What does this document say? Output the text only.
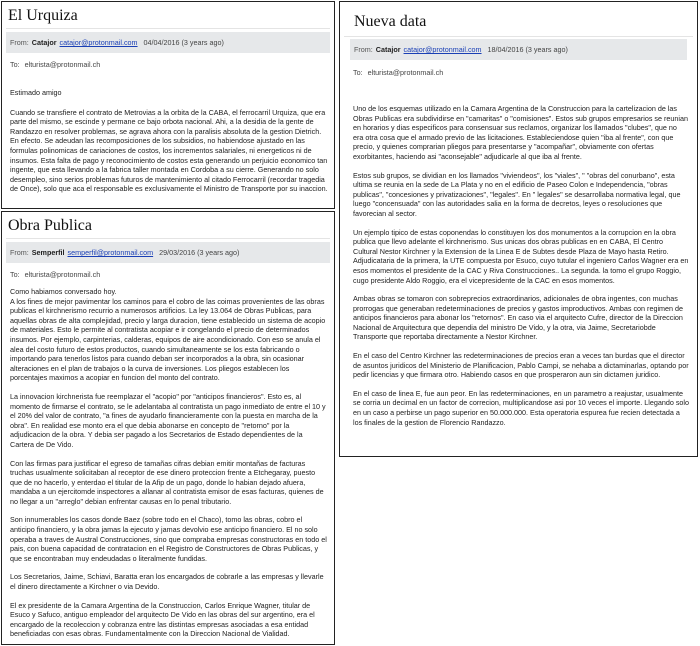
El Urquiza
From: Catajor catajor@protonmail.com 04/04/2016 (3 years ago)
To: elturista@protonmail.ch

Estimado amigo

Cuando se transfiere el contrato de Metrovias a la orbita de la CABA, el ferrocarril Urquiza, que era parte del mismo, se escinde y permane ce bajo orbota nacional. Ahi, a la desidia de la gente de Randazzo en resolver problemas, se agrava ahora con la paralisis absoluta de la gestion Dietrich. En efecto. Se adeudan las recomposiciones de los subsidios, no habiendose ajustado en las formulas polinomicas de cariaciones de costos, los incrementos salariales, ni energeticos ni de insumos. Esta falta de pago y reconocimiento de costos esta generando un perjuicio economico tan ingente, que esta llevando a la fabrica taller montada en Cordoba a su cierre. Generando no solo desempleo, sino serios problemas futuros de mantenimiento al citado Ferrocarril (recordar tragedia de Once), solo que aca el responsable es exclusivamente el Ministro de Transporte por su inaccion.

Obra Publica
From: Semperfil semperfil@protonmail.com 29/03/2016 (3 years ago)
To: elturista@protonmail.ch

Como habiamos conversado hoy.

A los fines de mejor pavimentar los caminos para el cobro de las coimas provenientes de las obras publicas el kirchnerismo recurrio a numerosos artificios. La ley 13.064 de Obras Publicas, para aquellas obras de alta complejidad, precio y larga duracion, tiene establecido un sistema de acopio de materiales. Esto le permite al contratista acopiar e ir congelando el precio de determinados insumos. Por ejemplo, carpinterias, calderas, equipos de aire acondicionado. Con eso se anula el alea del costo futuro de estos productos, cuando simultaneamente se los esta fabricando o importando para tenerlos listos para cuando deban ser incorporados a la obra, sin ocasionar alteraciones en el plan de trabajos o la curva de inversiones. Los pliegos establecen los porcentajes maximos a acopiar en funcion del monto del contrato.

La innovacion kirchnerista fue reemplazar el "acopio" por "anticipos financieros". Esto es, al momento de firmarse el contrato, se le adelantaba al contratista un pago inmediato de entre el 10 y el 20% del valor de contrato, "a fines de ayudarlo financieramente con la puesta en marcha de la obra". En realidad ese monto era el que debia abonarse en concepto de "retorno" por la adjudicacion de la obra. Y debia ser pagado a los Secretarios de Estado dependientes de la Cartera de De Vido.

Con las firmas para justificar el egreso de tamañas cifras debian emitir montañas de facturas truchas usualmente solicitaban al receptor de ese dinero proteccion frente a Etchegaray, puesto que de no hacerlo, y enterdao el titular de la Afip de un pago, donde lo habian dejado afuera, mandaba a un ejercitomde inspectores a allanar al contratista emisor de esas facturas, quienes de no llegar a un "arreglo" debian enfrentar causas en lo penal tributario.

Son innumerables los casos donde Baez (sobre todo en el Chaco), tomo las obras, cobro el anticipo financiero, y la obra jamas la ejecuto y jamas devolvio ese anticipo financiero. El no solo operaba a traves de Austral Construcciones, sino que compraba empresas constructoras en todo el pais, con buena capacidad de contratacion en el Registro de Constructores de Obras Publicas, y que se encontraban muy endeudadas o literalmente fundidas.

Los Secretarios, Jaime, Schiavi, Baratta eran los encargados de cobrarle a las empresas y llevarle el dinero directamente a Kirchner o via Devido.

El ex presidente de la Camara Argentina de la Construccion, Carlos Enrique Wagner, titular de Esuco y Safuco, antiguo empleador del arquitecto De Vido en las obras del sur argentino, era el encargado de la recoleccion y cobranza entre las distintas empresas asociadas a esa entidad beneficiadas con esas obras. Fundamentalmente con la Direccion Nacional de Vialidad.

Nueva data
From: Catajor catajor@protonmail.com 18/04/2016 (3 years ago)
To: elturista@protonmail.ch

Uno de los esquemas utilizado en la Camara Argentina de la Construccion para la cartelizacion de las Obras Publicas era subdividirse en "camaritas" o "comisiones". Estos sub grupos empresarios se reunian en horarios y dias especificos para consensuar sus reclamos, organizar los llamados "clubes", que no era otra cosa que el armado previo de las licitaciones. Estableciendose quien "iba al frente", con que precio, y quienes comprarian pliegos para presentarse y "acompañar", obviamente con ofertas exorbitantes, haciendo asi "aconsejable" adjudicarle al que iba al frente.

Estos sub grupos, se dividian en los llamados "viviendeos", los "viales", " "obras del conurbano", esta ultima se reunia en la sede de La Plata y no en el edificio de Paseo Colon e Independencia, "obras publicas", "concesiones y privatizaciones", "legales". En " legales" se desarrollaba normativa legal, que luego "concensuada" con las autoridades salia en la forma de decretos, leyes o resoluciones que favorecian al sector.

Un ejemplo tipico de estas coponendas lo constituyen los dos monumentos a la corrupcion en la obra publica que llevo adelante el kirchnerismo. Sus unicas dos obras publicas en en CABA, El Centro Cultural Nestor Kirchner y la Extension de la Linea E de Subtes desde Plaza de Mayo hasta Retiro. Adjudicataria de la primera, la UTE compuesta por Esuco, cuyo tutular el ingeniero Carlos Wagner era en esos momentos el presidente de la CAC y Riva Construcciones.. La segunda. la tomo el grupo Roggio, cugo presidente Aldo Roggio, era el vicepresidente de la CAC en esos momentos.

Ambas obras se tomaron con sobreprecios extraordinarios, adicionales de obra ingentes, con muchas prorrogas que generaban redeterminaciones de precios y gastos improductivos. Ambas con regimen de anticipos financieros para abonar los "retornos". En caso via el arquitecto Cufre, director de la Direccion Nacional de Arquitectura que dependia del ministro De Vido, y la otra, via Jaime, Secretariobde Transporte que reportaba directamente a Nestor Kirchner.

En el caso del Centro Kirchner las redeterminaciones de precios eran a veces tan burdas que el director de asuntos juridicos del Ministerio de Planificacion, Pablo Campi, se nehaba a dictaminarlas, optando por pedir licencias y que firmara otro. Habiendo casos en que prosperaron aun sin dictamen juridico.

En el caso de linea E, fue aun peor. En las redeterminaciones, en un parametro a reajustar, usualmente se corria un decimal en un factor de correcion, multiplicandose asi por 10 veces el importe. Llegando solo en un caso a perbirse un pago superior en 50.000.000. Esta operatoria espurea fue recien detectada a los finales de la gestion de Florencio Randazzo.
